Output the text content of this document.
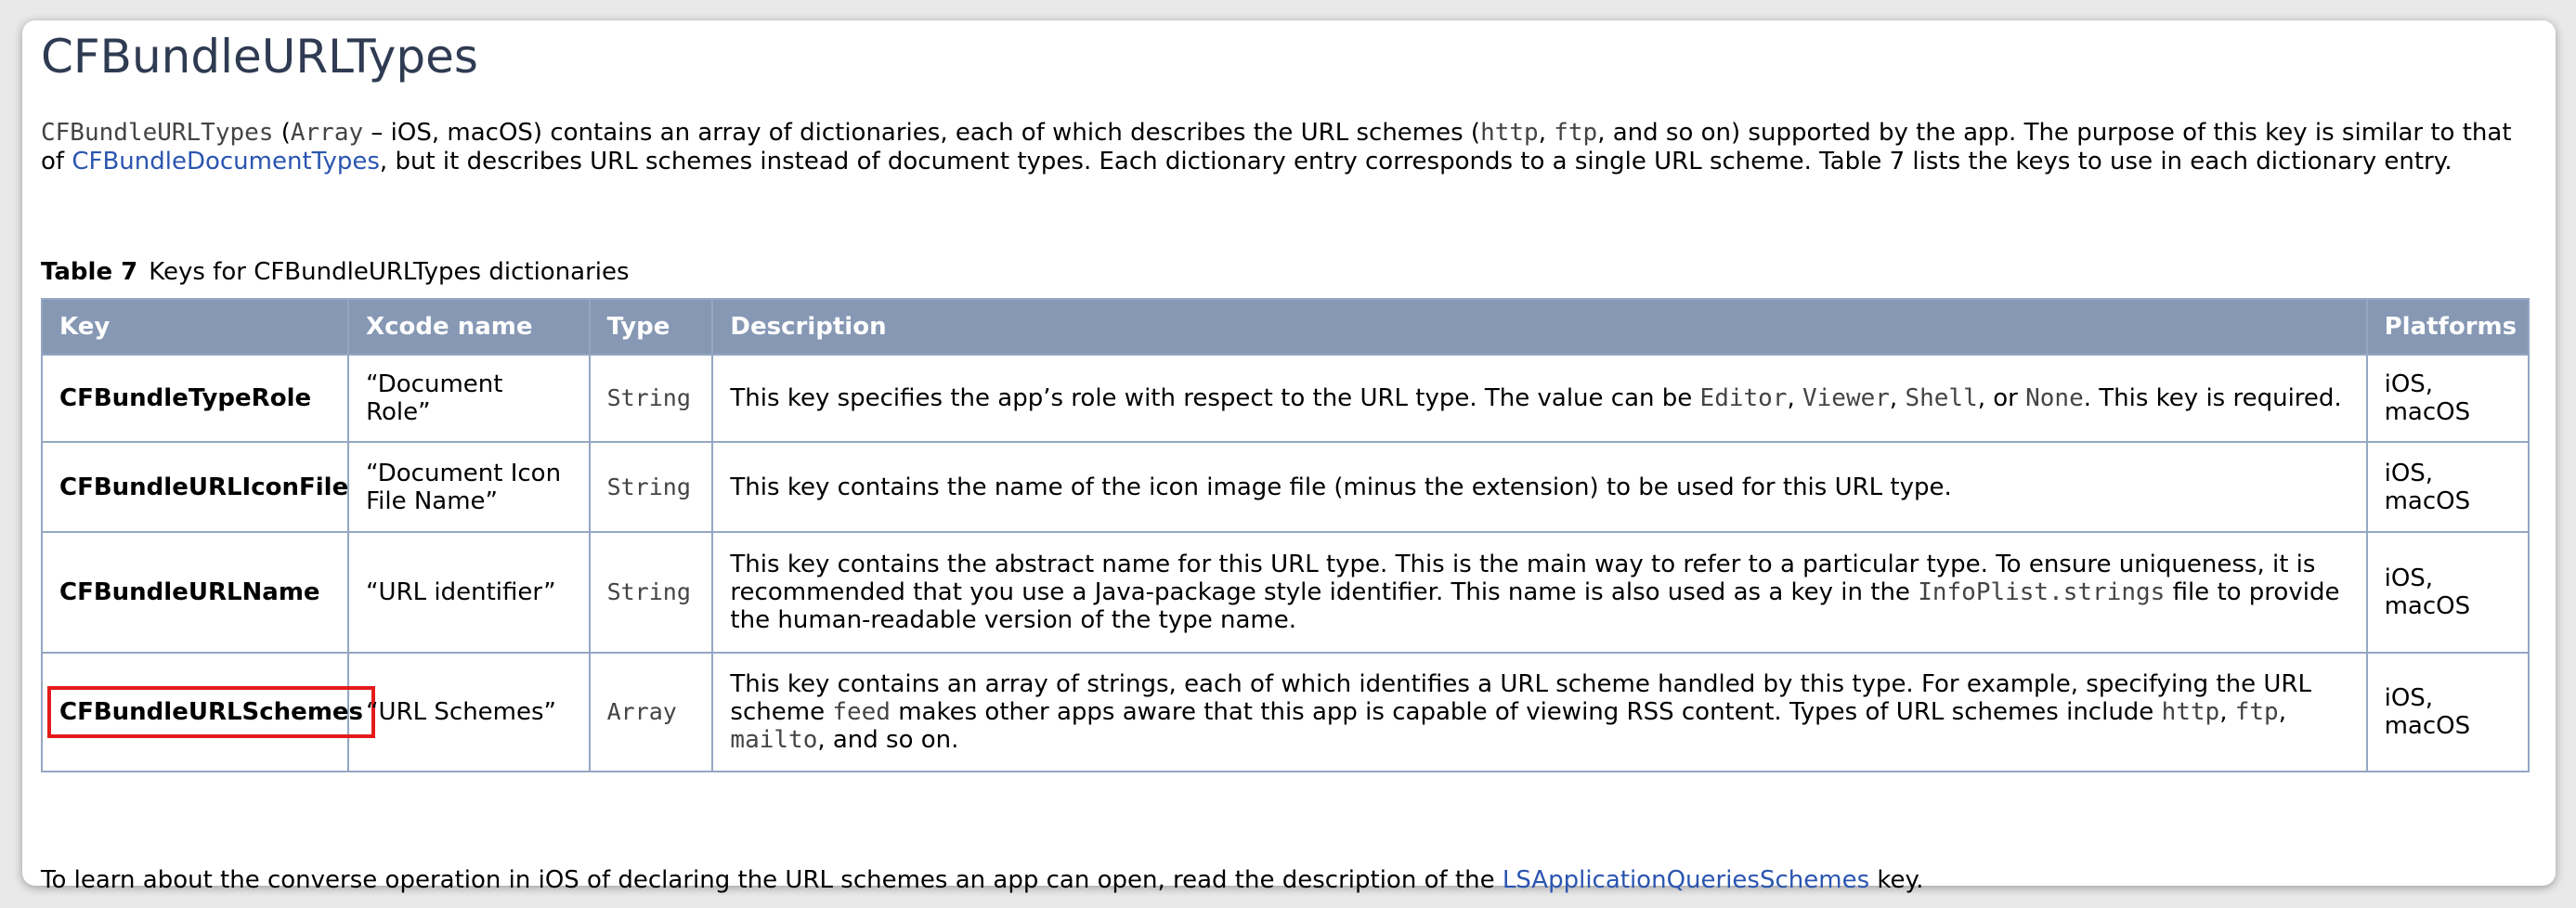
CFBundleURLTypes

CFBundleURLTypes (Array – iOS, macOS) contains an array of dictionaries, each of which describes the URL schemes (http, ftp, and so on) supported by the app. The purpose of this key is similar to that of CFBundleDocumentTypes, but it describes URL schemes instead of document types. Each dictionary entry corresponds to a single URL scheme. Table 7 lists the keys to use in each dictionary entry.

Table 7 Keys for CFBundleURLTypes dictionaries

Key	Xcode name	Type	Description	Platforms
CFBundleTypeRole	“Document Role”	String	This key specifies the app’s role with respect to the URL type. The value can be Editor, Viewer, Shell, or None. This key is required.	iOS, macOS
CFBundleURLIconFile	“Document Icon File Name”	String	This key contains the name of the icon image file (minus the extension) to be used for this URL type.	iOS, macOS
CFBundleURLName	“URL identifier”	String	This key contains the abstract name for this URL type. This is the main way to refer to a particular type. To ensure uniqueness, it is recommended that you use a Java-package style identifier. This name is also used as a key in the InfoPlist.strings file to provide the human-readable version of the type name.	iOS, macOS
CFBundleURLSchemes	“URL Schemes”	Array	This key contains an array of strings, each of which identifies a URL scheme handled by this type. For example, specifying the URL scheme feed makes other apps aware that this app is capable of viewing RSS content. Types of URL schemes include http, ftp, mailto, and so on.	iOS, macOS

To learn about the converse operation in iOS of declaring the URL schemes an app can open, read the description of the LSApplicationQueriesSchemes key.
